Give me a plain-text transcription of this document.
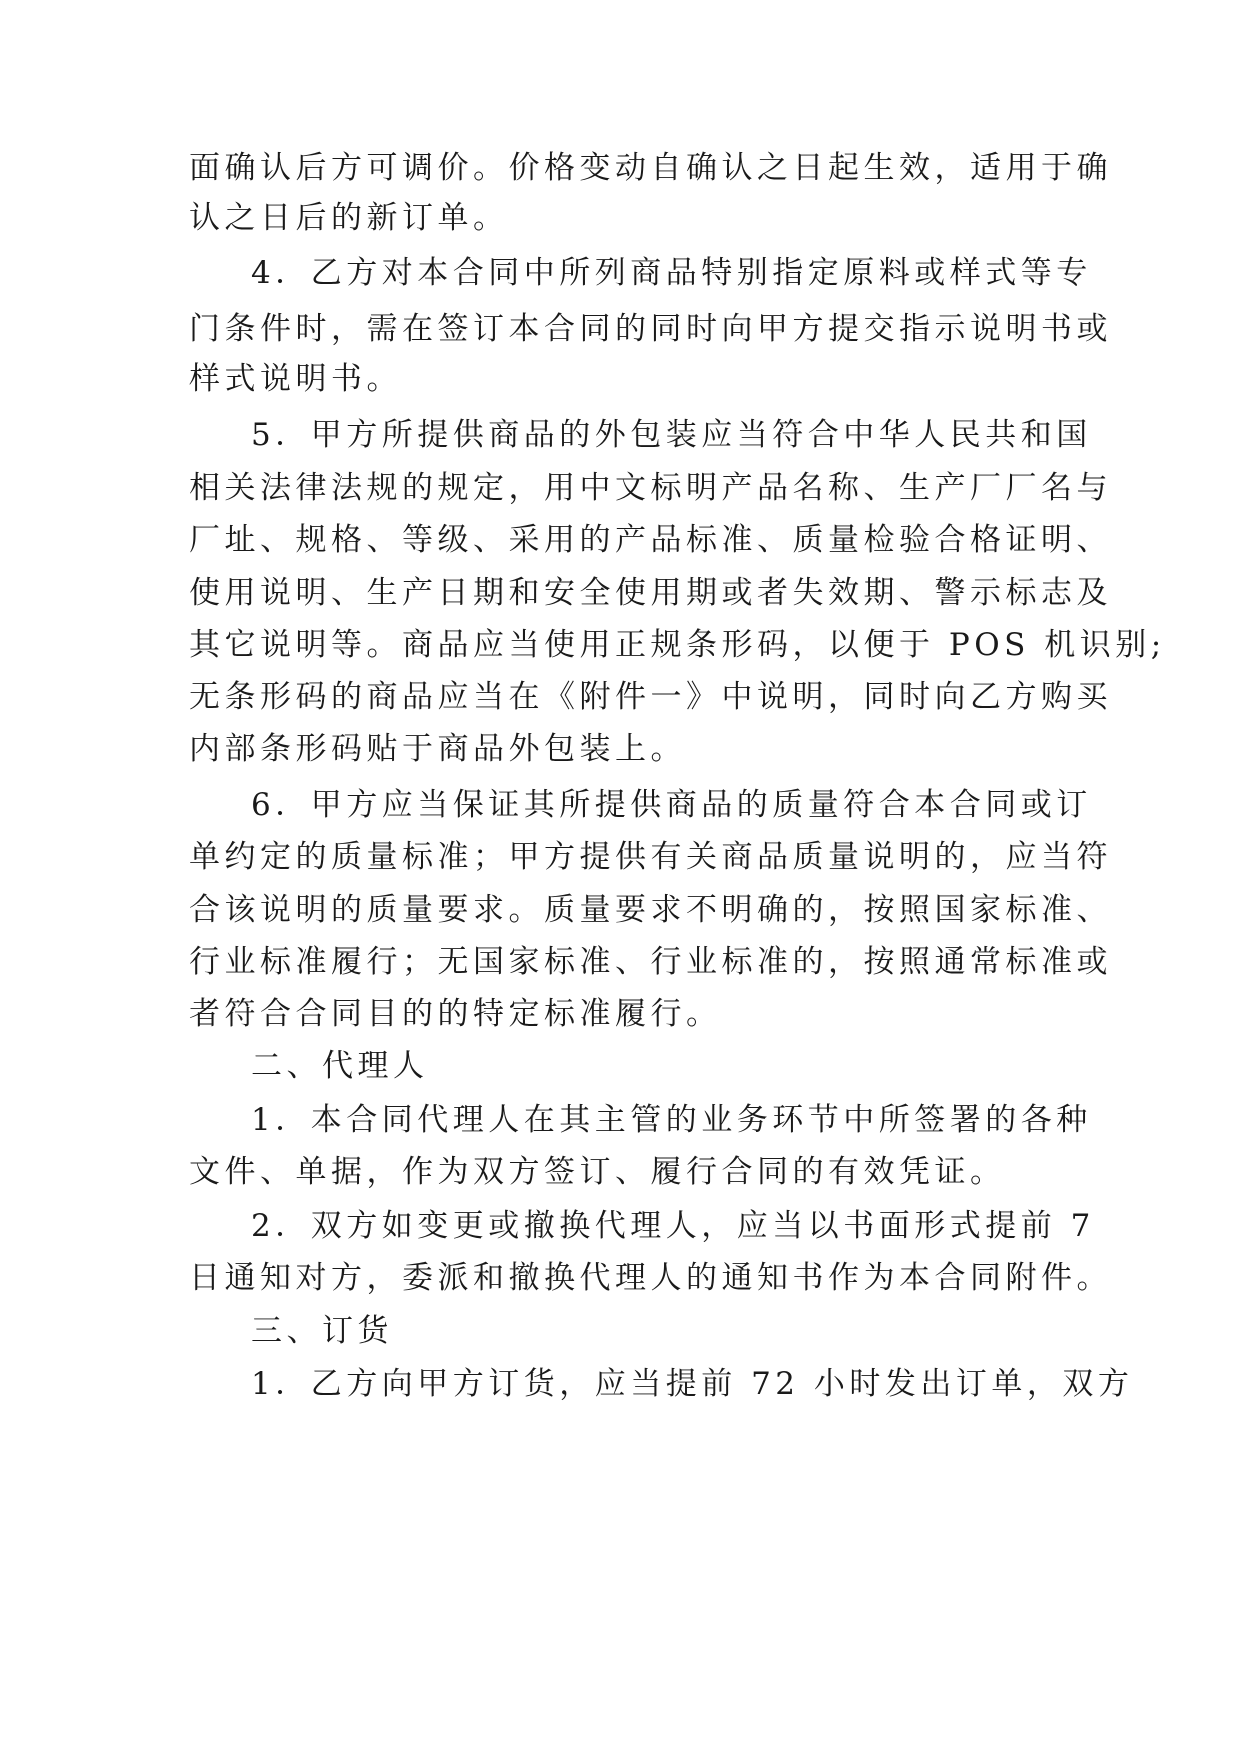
面确认后方可调价。价格变动自确认之日起生效，适用于确
认之日后的新订单。
4．乙方对本合同中所列商品特别指定原料或样式等专
门条件时，需在签订本合同的同时向甲方提交指示说明书或
样式说明书。
5．甲方所提供商品的外包装应当符合中华人民共和国
相关法律法规的规定，用中文标明产品名称、生产厂厂名与
厂址、规格、等级、采用的产品标准、质量检验合格证明、
使用说明、生产日期和安全使用期或者失效期、警示标志及
其它说明等。商品应当使用正规条形码，以便于 POS 机识别;
无条形码的商品应当在《附件一》中说明，同时向乙方购买
内部条形码贴于商品外包装上。
6．甲方应当保证其所提供商品的质量符合本合同或订
单约定的质量标准；甲方提供有关商品质量说明的，应当符
合该说明的质量要求。质量要求不明确的，按照国家标准、
行业标准履行；无国家标准、行业标准的，按照通常标准或
者符合合同目的的特定标准履行。
二、代理人
1．本合同代理人在其主管的业务环节中所签署的各种
文件、单据，作为双方签订、履行合同的有效凭证。
2．双方如变更或撤换代理人，应当以书面形式提前 7
日通知对方，委派和撤换代理人的通知书作为本合同附件。
三、订货
1．乙方向甲方订货，应当提前 72 小时发出订单，双方
